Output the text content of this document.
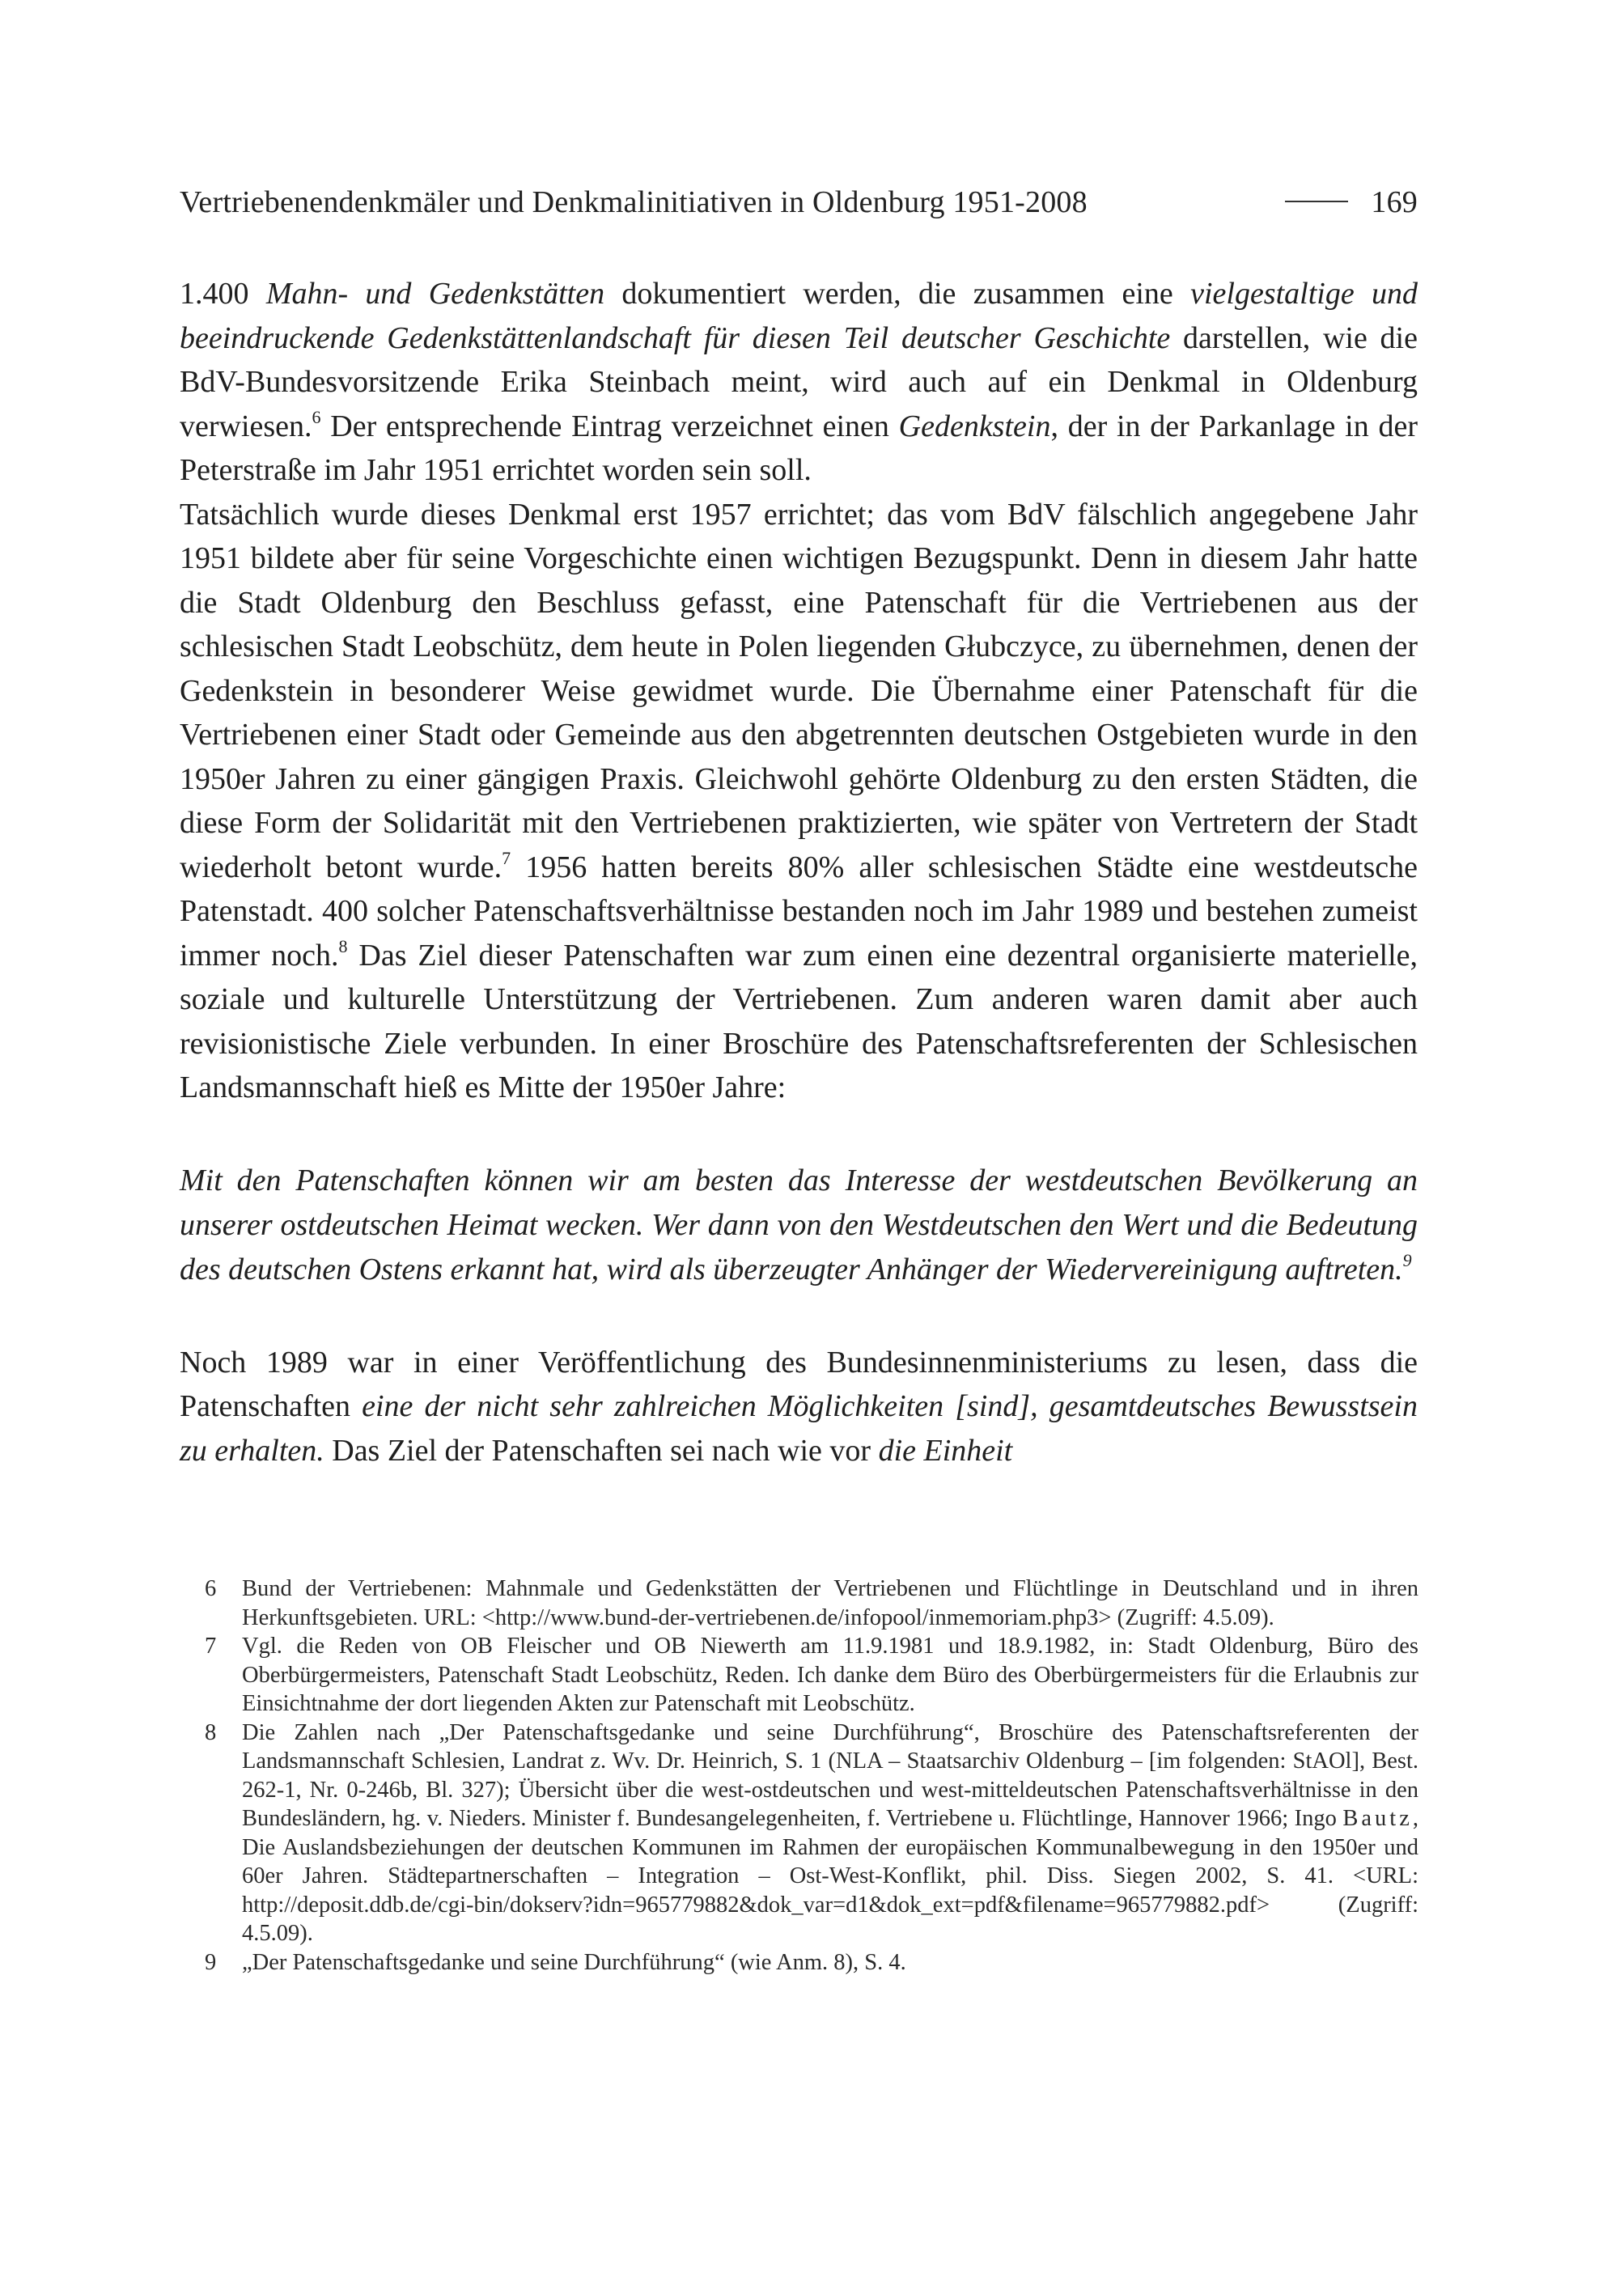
Vertriebenendenkmäler und Denkmalinitiativen in Oldenburg 1951-2008	169

1.400 Mahn- und Gedenkstätten dokumentiert werden, die zusammen eine vielgestaltige und beeindruckende Gedenkstättenlandschaft für diesen Teil deutscher Geschichte darstellen, wie die BdV-Bundesvorsitzende Erika Steinbach meint, wird auch auf ein Denkmal in Oldenburg verwiesen.$^6$ Der entsprechende Eintrag verzeichnet einen Gedenkstein, der in der Parkanlage in der Peterstraße im Jahr 1951 errichtet worden sein soll.

Tatsächlich wurde dieses Denkmal erst 1957 errichtet; das vom BdV fälschlich angegebene Jahr 1951 bildete aber für seine Vorgeschichte einen wichtigen Bezugspunkt. Denn in diesem Jahr hatte die Stadt Oldenburg den Beschluss gefasst, eine Patenschaft für die Vertriebenen aus der schlesischen Stadt Leobschütz, dem heute in Polen liegenden Głubczyce, zu übernehmen, denen der Gedenkstein in besonderer Weise gewidmet wurde. Die Übernahme einer Patenschaft für die Vertriebenen einer Stadt oder Gemeinde aus den abgetrennten deutschen Ostgebieten wurde in den 1950er Jahren zu einer gängigen Praxis. Gleichwohl gehörte Oldenburg zu den ersten Städten, die diese Form der Solidarität mit den Vertriebenen praktizierten, wie später von Vertretern der Stadt wiederholt betont wurde.$^7$ 1956 hatten bereits 80% aller schlesischen Städte eine westdeutsche Patenstadt. 400 solcher Patenschaftsverhältnisse bestanden noch im Jahr 1989 und bestehen zumeist immer noch.$^8$ Das Ziel dieser Patenschaften war zum einen eine dezentral organisierte materielle, soziale und kulturelle Unterstützung der Vertriebenen. Zum anderen waren damit aber auch revisionistische Ziele verbunden. In einer Broschüre des Patenschaftsreferenten der Schlesischen Landsmannschaft hieß es Mitte der 1950er Jahre:

Mit den Patenschaften können wir am besten das Interesse der westdeutschen Bevölkerung an unserer ostdeutschen Heimat wecken. Wer dann von den Westdeutschen den Wert und die Bedeutung des deutschen Ostens erkannt hat, wird als überzeugter Anhänger der Wiedervereinigung auftreten.$^9$

Noch 1989 war in einer Veröffentlichung des Bundesinnenministeriums zu lesen, dass die Patenschaften eine der nicht sehr zahlreichen Möglichkeiten [sind], gesamtdeutsches Bewusstsein zu erhalten. Das Ziel der Patenschaften sei nach wie vor die Einheit

6	Bund der Vertriebenen: Mahnmale und Gedenkstätten der Vertriebenen und Flüchtlinge in Deutschland und in ihren Herkunftsgebieten. URL: <http://www.bund-der-vertriebenen.de/infopool/inmemoriam.php3> (Zugriff: 4.5.09).
7	Vgl. die Reden von OB Fleischer und OB Niewerth am 11.9.1981 und 18.9.1982, in: Stadt Oldenburg, Büro des Oberbürgermeisters, Patenschaft Stadt Leobschütz, Reden. Ich danke dem Büro des Oberbürgermeisters für die Erlaubnis zur Einsichtnahme der dort liegenden Akten zur Patenschaft mit Leobschütz.
8	Die Zahlen nach „Der Patenschaftsgedanke und seine Durchführung“, Broschüre des Patenschaftsreferenten der Landsmannschaft Schlesien, Landrat z. Wv. Dr. Heinrich, S. 1 (NLA – Staatsarchiv Oldenburg – [im folgenden: StAOl], Best. 262-1, Nr. 0-246b, Bl. 327); Übersicht über die west-ostdeutschen und west-mitteldeutschen Patenschaftsverhältnisse in den Bundesländern, hg. v. Nieders. Minister f. Bundesangelegenheiten, f. Vertriebene u. Flüchtlinge, Hannover 1966; Ingo Bautz, Die Auslandsbeziehungen der deutschen Kommunen im Rahmen der europäischen Kommunalbewegung in den 1950er und 60er Jahren. Städtepartnerschaften – Integration – Ost-West-Konflikt, phil. Diss. Siegen 2002, S. 41. <URL: http://deposit.ddb.de/cgi-bin/dokserv?idn=965779882&dok_var=d1&dok_ext=pdf&filename=965779882.pdf> (Zugriff: 4.5.09).
9	„Der Patenschaftsgedanke und seine Durchführung“ (wie Anm. 8), S. 4.
